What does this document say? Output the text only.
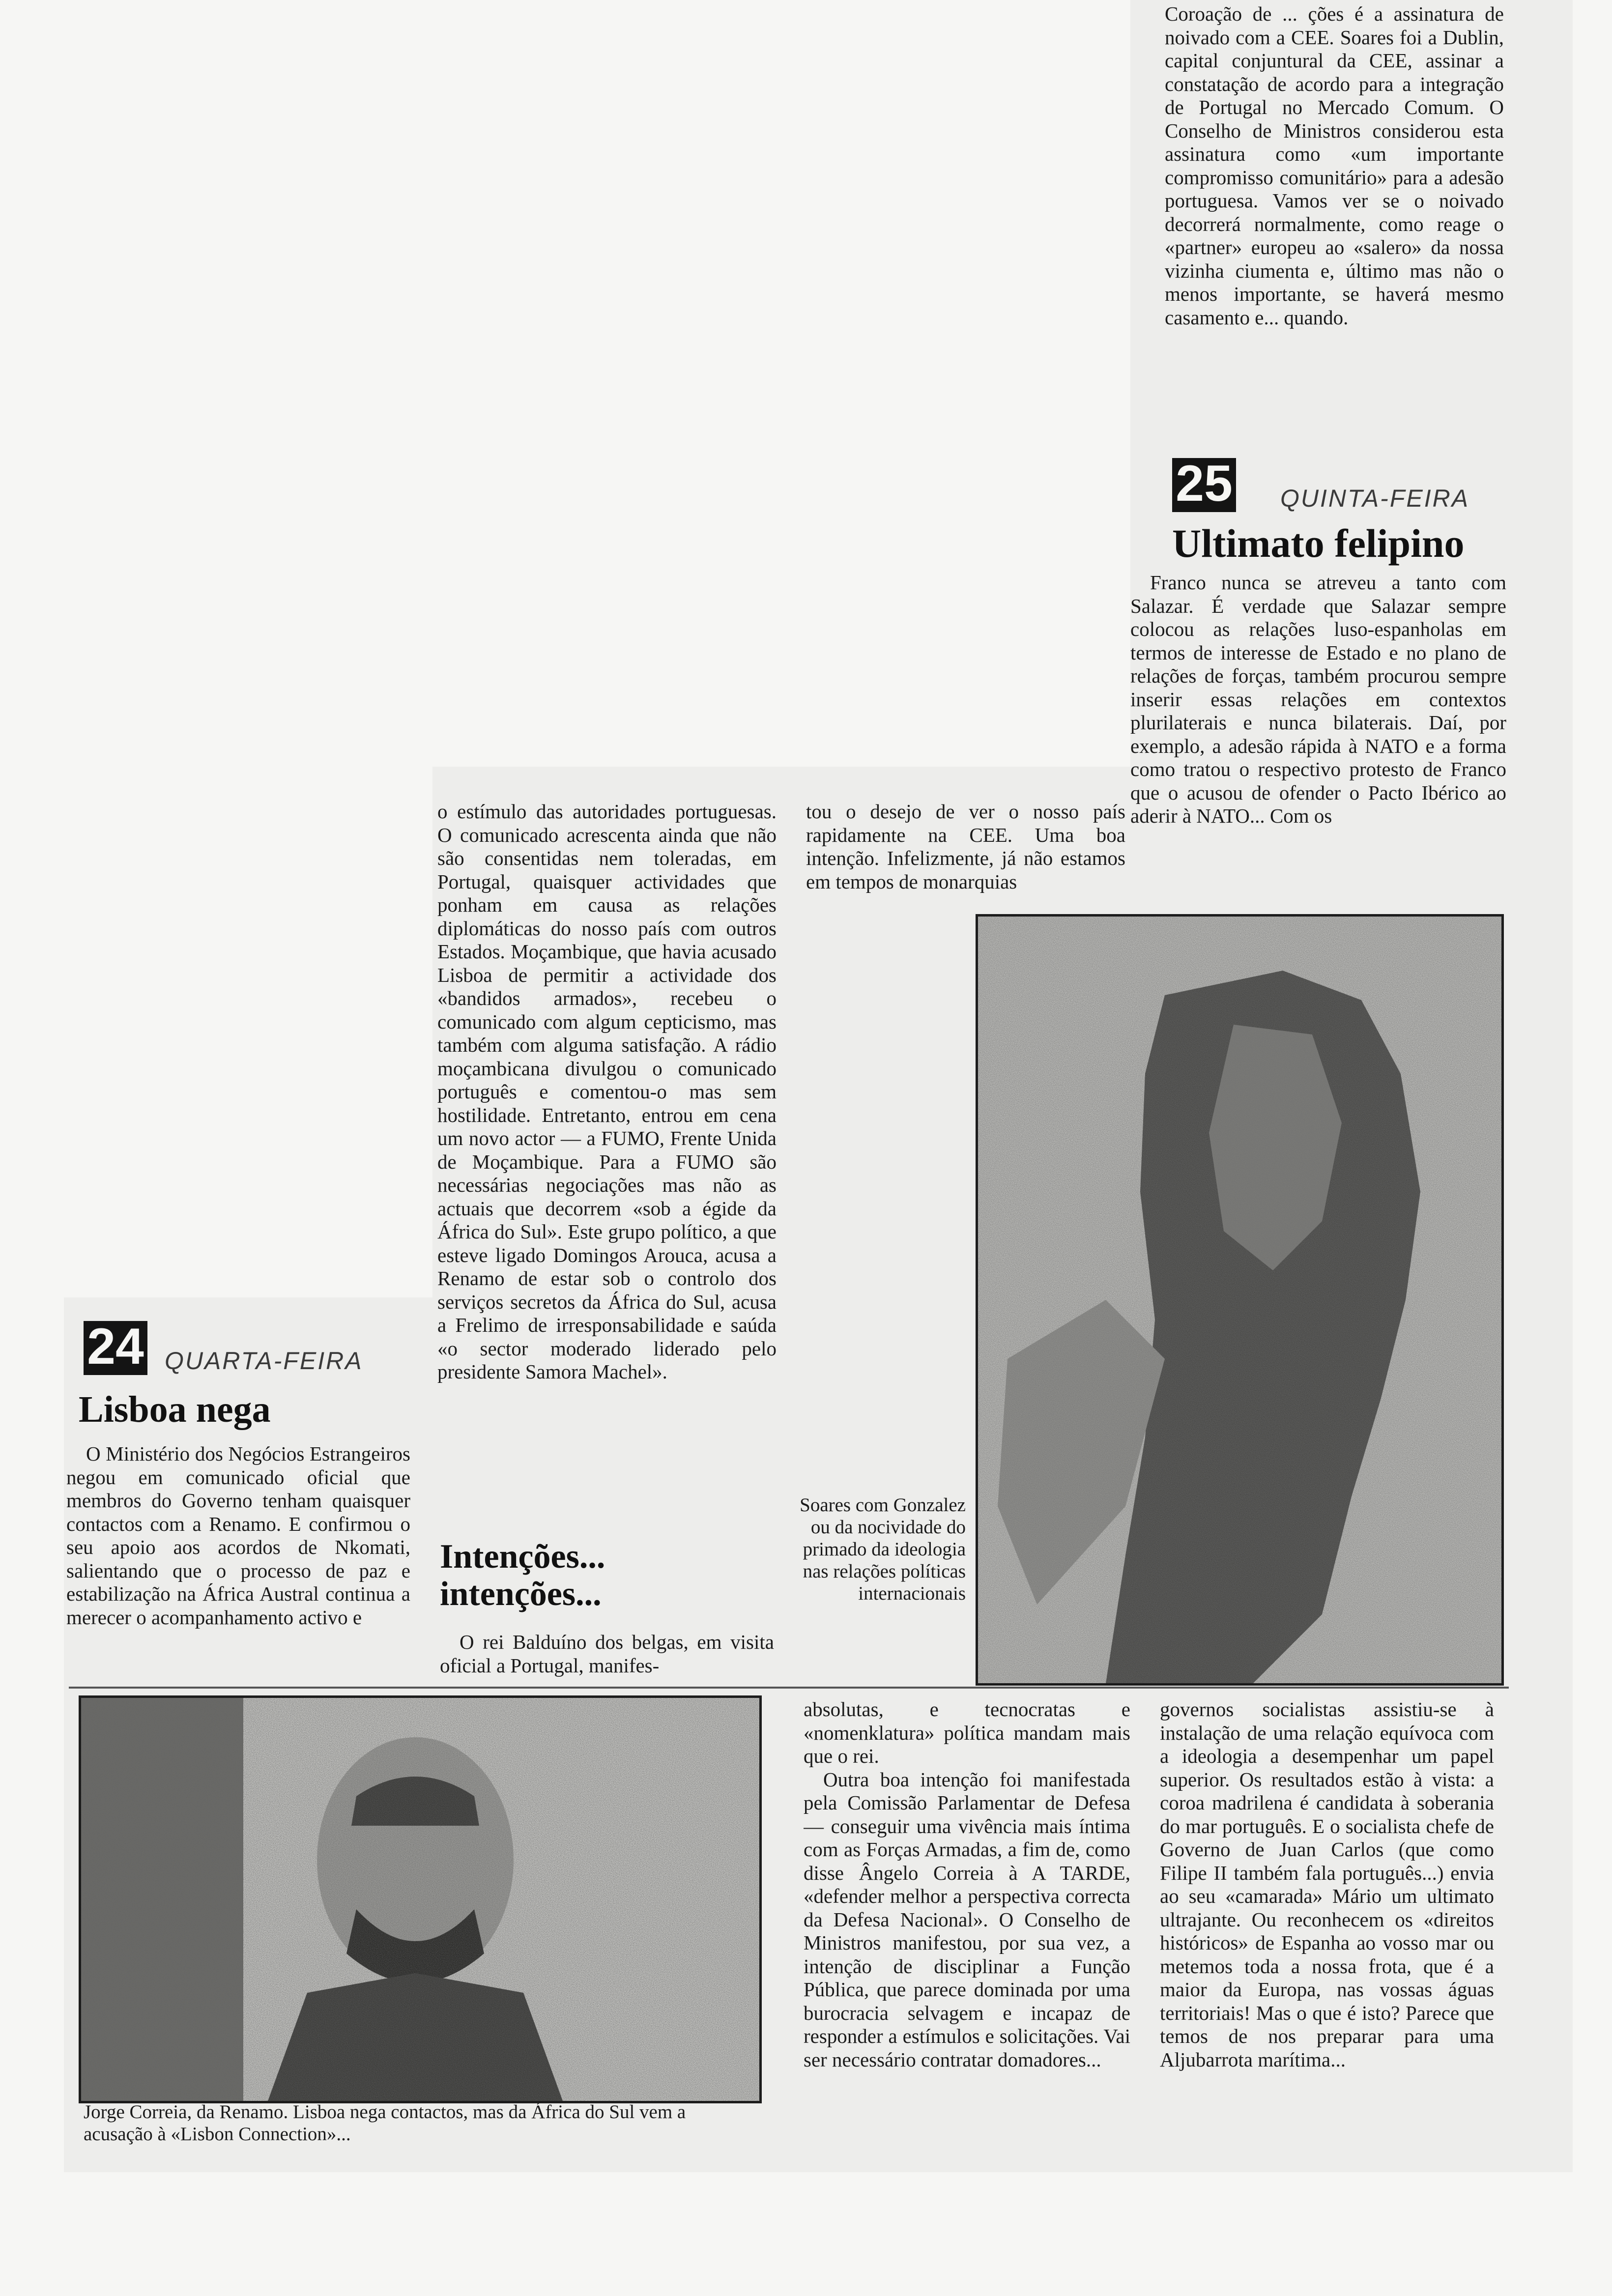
Coroação de ... ções é a assinatura de noivado com a CEE. Soares foi a Dublin, capital conjuntural da CEE, assinar a constatação de acordo para a integração de Portugal no Mercado Comum. O Conselho de Ministros considerou esta assinatura como «um importante compromisso comunitário» para a adesão portuguesa. Vamos ver se o noivado decorrerá normalmente, como reage o «partner» europeu ao «salero» da nossa vizinha ciumenta e, último mas não o menos importante, se haverá mesmo casamento e... quando.

25 QUINTA-FEIRA
Ultimato felipino

Franco nunca se atreveu a tanto com Salazar. É verdade que Salazar sempre colocou as relações luso-espanholas em termos de interesse de Estado e no plano de relações de forças, também procurou sempre inserir essas relações em contextos plurilaterais e nunca bilaterais. Daí, por exemplo, a adesão rápida à NATO e a forma como tratou o respectivo protesto de Franco que o acusou de ofender o Pacto Ibérico ao aderir à NATO... Com os

o estímulo das autoridades portuguesas. O comunicado acrescenta ainda que não são consentidas nem toleradas, em Portugal, quaisquer actividades que ponham em causa as relações diplomáticas do nosso país com outros Estados. Moçambique, que havia acusado Lisboa de permitir a actividade dos «bandidos armados», recebeu o comunicado com algum cepticismo, mas também com alguma satisfação. A rádio moçambicana divulgou o comunicado português e comentou-o mas sem hostilidade. Entretanto, entrou em cena um novo actor — a FUMO, Frente Unida de Moçambique. Para a FUMO são necessárias negociações mas não as actuais que decorrem «sob a égide da África do Sul». Este grupo político, a que esteve ligado Domingos Arouca, acusa a Renamo de estar sob o controlo dos serviços secretos da África do Sul, acusa a Frelimo de irresponsabilidade e saúda «o sector moderado liderado pelo presidente Samora Machel».

tou o desejo de ver o nosso país rapidamente na CEE. Uma boa intenção. Infelizmente, já não estamos em tempos de monarquias

Soares com Gonzalez ou da nocividade do primado da ideologia nas relações políticas internacionais
24 QUARTA-FEIRA
Lisboa nega

O Ministério dos Negócios Estrangeiros negou em comunicado oficial que membros do Governo tenham quaisquer contactos com a Renamo. E confirmou o seu apoio aos acordos de Nkomati, salientando que o processo de paz e estabilização na África Austral continua a merecer o acompanhamento activo e

Intenções...
intenções...

O rei Balduíno dos belgas, em visita oficial a Portugal, manifes-

Jorge Correia, da Renamo. Lisboa nega contactos, mas da África do Sul vem a acusação à «Lisbon Connection»...

absolutas, e tecnocratas e «nomenklatura» política mandam mais que o rei.

Outra boa intenção foi manifestada pela Comissão Parlamentar de Defesa — conseguir uma vivência mais íntima com as Forças Armadas, a fim de, como disse Ângelo Correia à A TARDE, «defender melhor a perspectiva correcta da Defesa Nacional». O Conselho de Ministros manifestou, por sua vez, a intenção de disciplinar a Função Pública, que parece dominada por uma burocracia selvagem e incapaz de responder a estímulos e solicitações. Vai ser necessário contratar domadores...

governos socialistas assistiu-se à instalação de uma relação equívoca com a ideologia a desempenhar um papel superior. Os resultados estão à vista: a coroa madrilena é candidata à soberania do mar português. E o socialista chefe de Governo de Juan Carlos (que como Filipe II também fala português...) envia ao seu «camarada» Mário um ultimato ultrajante. Ou reconhecem os «direitos históricos» de Espanha ao vosso mar ou metemos toda a nossa frota, que é a maior da Europa, nas vossas águas territoriais! Mas o que é isto? Parece que temos de nos preparar para uma Aljubarrota marítima...
